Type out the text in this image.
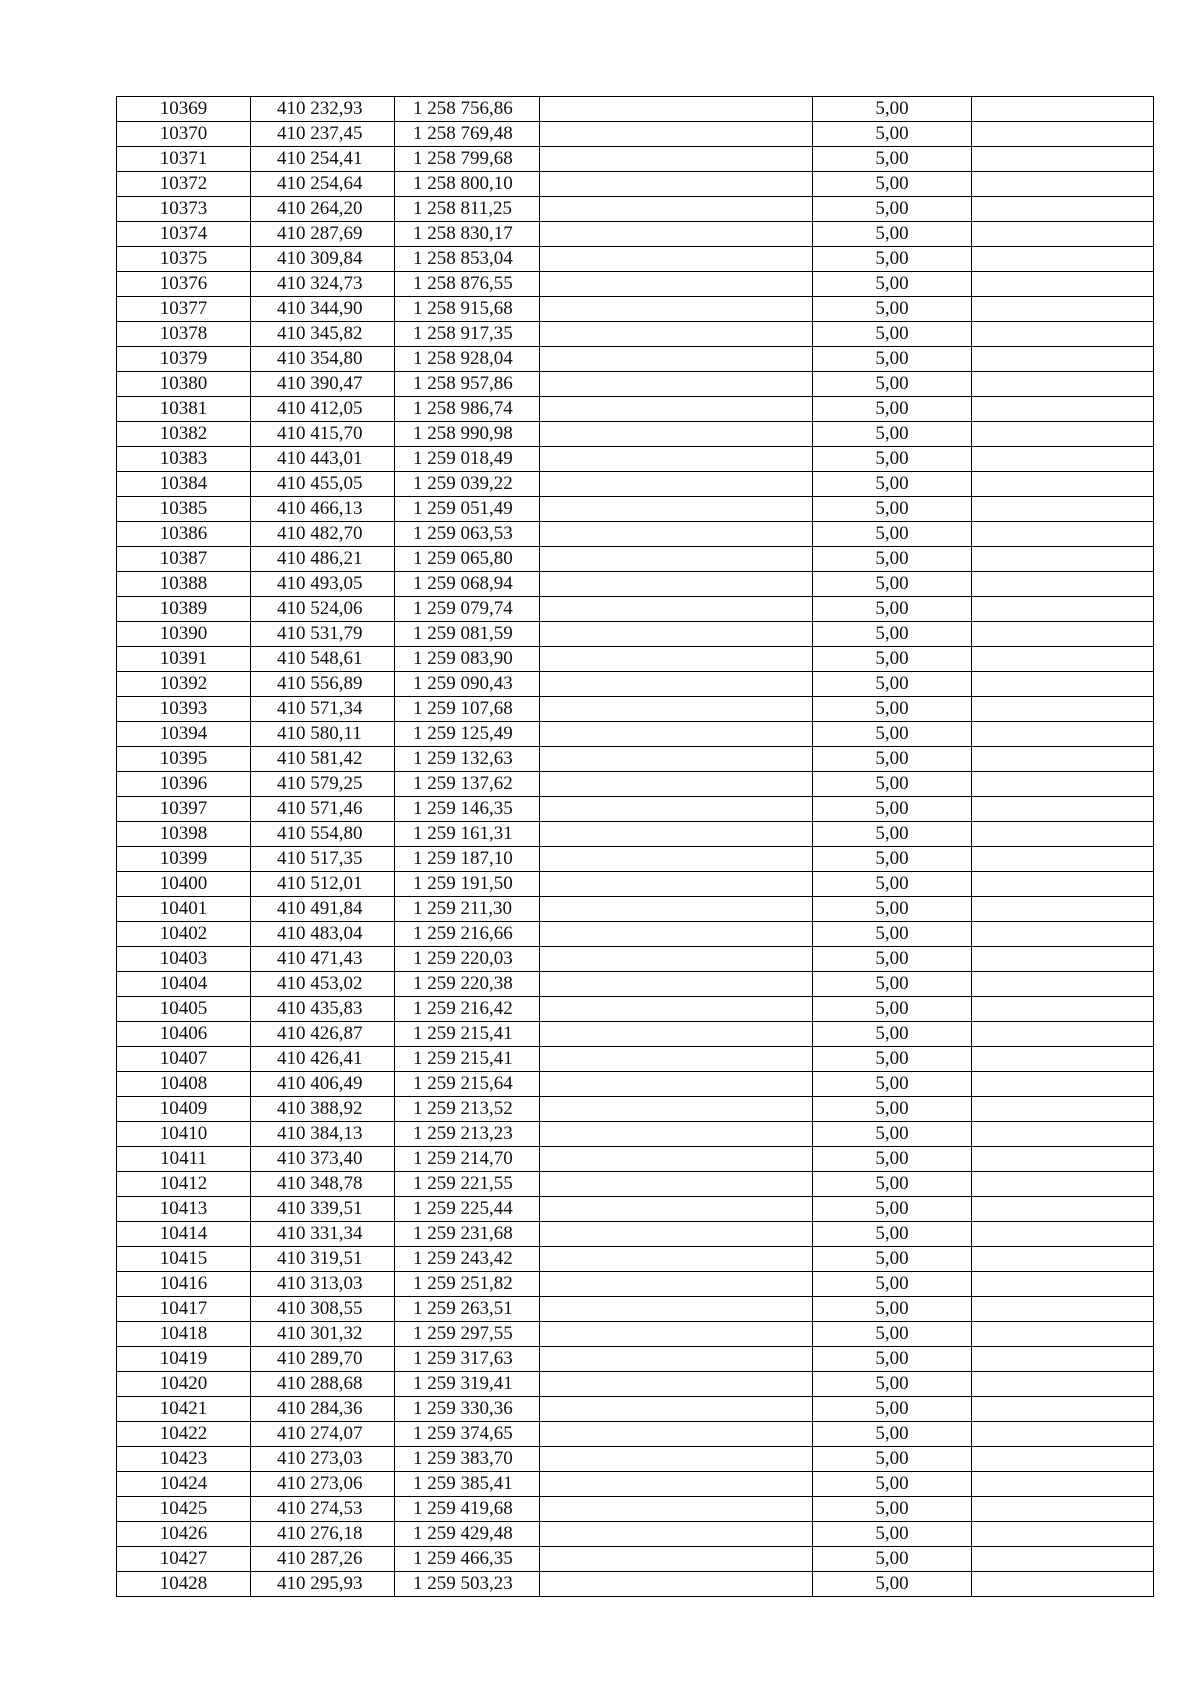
10369	410 232,93	1 258 756,86		5,00	
10370	410 237,45	1 258 769,48		5,00	
10371	410 254,41	1 258 799,68		5,00	
10372	410 254,64	1 258 800,10		5,00	
10373	410 264,20	1 258 811,25		5,00	
10374	410 287,69	1 258 830,17		5,00	
10375	410 309,84	1 258 853,04		5,00	
10376	410 324,73	1 258 876,55		5,00	
10377	410 344,90	1 258 915,68		5,00	
10378	410 345,82	1 258 917,35		5,00	
10379	410 354,80	1 258 928,04		5,00	
10380	410 390,47	1 258 957,86		5,00	
10381	410 412,05	1 258 986,74		5,00	
10382	410 415,70	1 258 990,98		5,00	
10383	410 443,01	1 259 018,49		5,00	
10384	410 455,05	1 259 039,22		5,00	
10385	410 466,13	1 259 051,49		5,00	
10386	410 482,70	1 259 063,53		5,00	
10387	410 486,21	1 259 065,80		5,00	
10388	410 493,05	1 259 068,94		5,00	
10389	410 524,06	1 259 079,74		5,00	
10390	410 531,79	1 259 081,59		5,00	
10391	410 548,61	1 259 083,90		5,00	
10392	410 556,89	1 259 090,43		5,00	
10393	410 571,34	1 259 107,68		5,00	
10394	410 580,11	1 259 125,49		5,00	
10395	410 581,42	1 259 132,63		5,00	
10396	410 579,25	1 259 137,62		5,00	
10397	410 571,46	1 259 146,35		5,00	
10398	410 554,80	1 259 161,31		5,00	
10399	410 517,35	1 259 187,10		5,00	
10400	410 512,01	1 259 191,50		5,00	
10401	410 491,84	1 259 211,30		5,00	
10402	410 483,04	1 259 216,66		5,00	
10403	410 471,43	1 259 220,03		5,00	
10404	410 453,02	1 259 220,38		5,00	
10405	410 435,83	1 259 216,42		5,00	
10406	410 426,87	1 259 215,41		5,00	
10407	410 426,41	1 259 215,41		5,00	
10408	410 406,49	1 259 215,64		5,00	
10409	410 388,92	1 259 213,52		5,00	
10410	410 384,13	1 259 213,23		5,00	
10411	410 373,40	1 259 214,70		5,00	
10412	410 348,78	1 259 221,55		5,00	
10413	410 339,51	1 259 225,44		5,00	
10414	410 331,34	1 259 231,68		5,00	
10415	410 319,51	1 259 243,42		5,00	
10416	410 313,03	1 259 251,82		5,00	
10417	410 308,55	1 259 263,51		5,00	
10418	410 301,32	1 259 297,55		5,00	
10419	410 289,70	1 259 317,63		5,00	
10420	410 288,68	1 259 319,41		5,00	
10421	410 284,36	1 259 330,36		5,00	
10422	410 274,07	1 259 374,65		5,00	
10423	410 273,03	1 259 383,70		5,00	
10424	410 273,06	1 259 385,41		5,00	
10425	410 274,53	1 259 419,68		5,00	
10426	410 276,18	1 259 429,48		5,00	
10427	410 287,26	1 259 466,35		5,00	
10428	410 295,93	1 259 503,23		5,00	
